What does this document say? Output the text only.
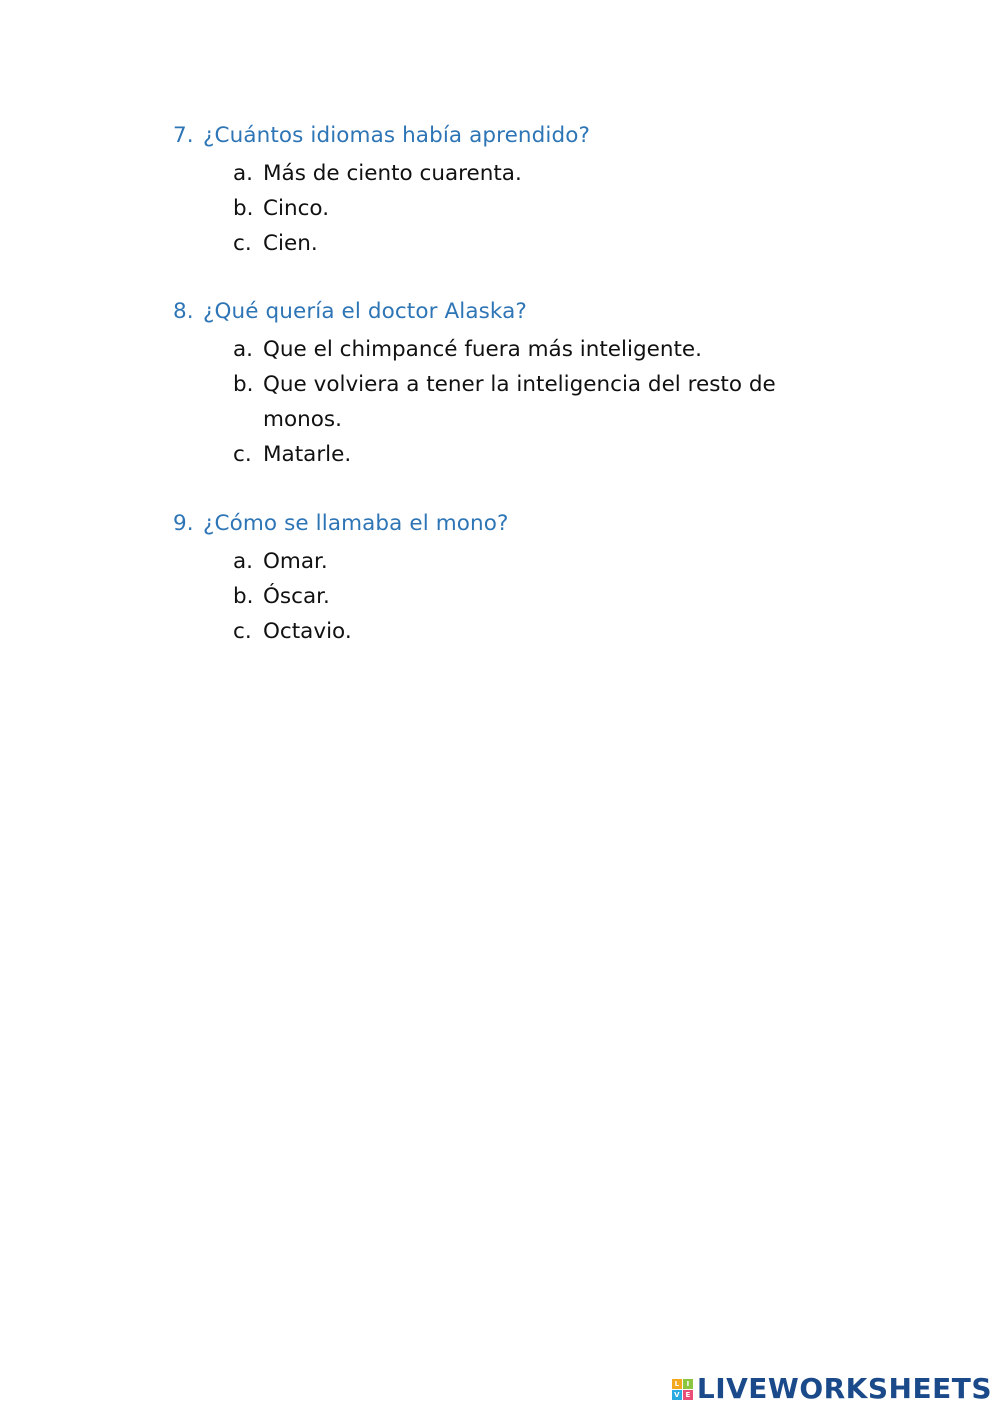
7. ¿Cuántos idiomas había aprendido?
a. Más de ciento cuarenta.
b. Cinco.
c. Cien.
8. ¿Qué quería el doctor Alaska?
a. Que el chimpancé fuera más inteligente.
b. Que volviera a tener la inteligencia del resto de monos.
c. Matarle.
9. ¿Cómo se llamaba el mono?
a. Omar.
b. Óscar.
c. Octavio.
L	I
V E LIVEWORKSHEETS
